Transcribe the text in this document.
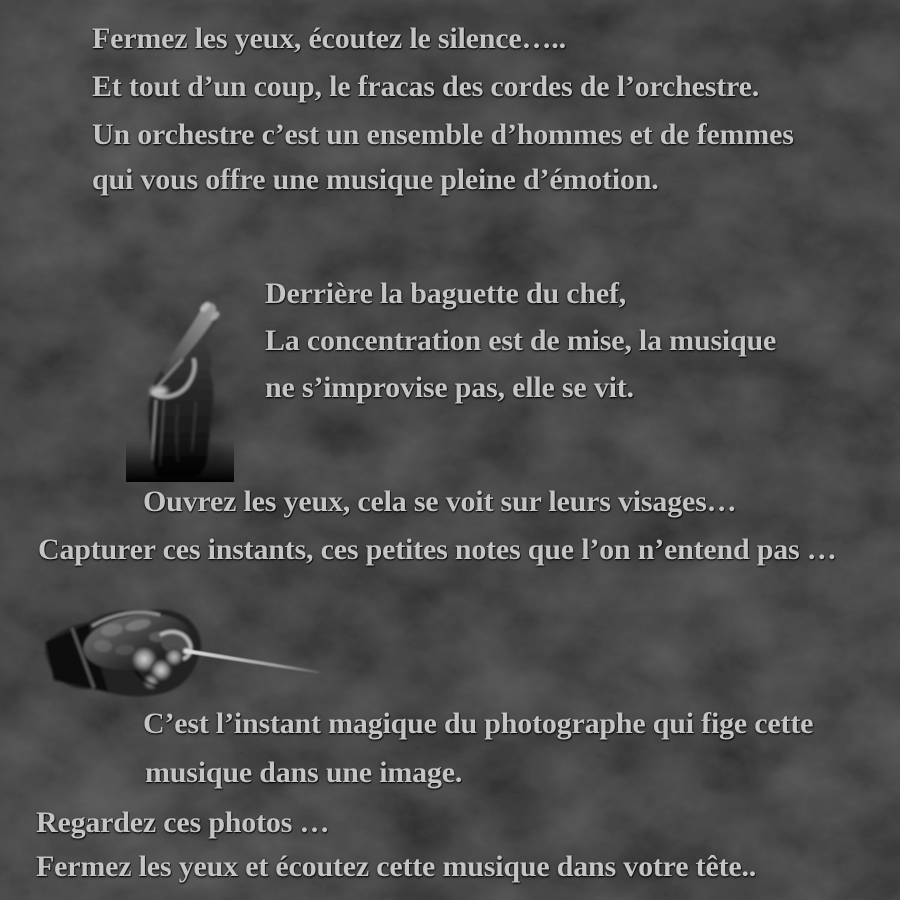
Fermez les yeux, écoutez le silence…..
Et tout d’un coup, le fracas des cordes de l’orchestre.
Un orchestre c’est un ensemble d’hommes et de femmes
qui vous offre une musique pleine d’émotion.
Derrière la baguette du chef,
La concentration est de mise, la musique
ne s’improvise pas, elle se vit.
Ouvrez les yeux, cela se voit sur leurs visages…
Capturer ces instants, ces petites notes que l’on n’entend pas …
C’est l’instant magique du photographe qui fige cette
musique dans une image.
Regardez ces photos …
Fermez les yeux et écoutez cette musique dans votre tête..
